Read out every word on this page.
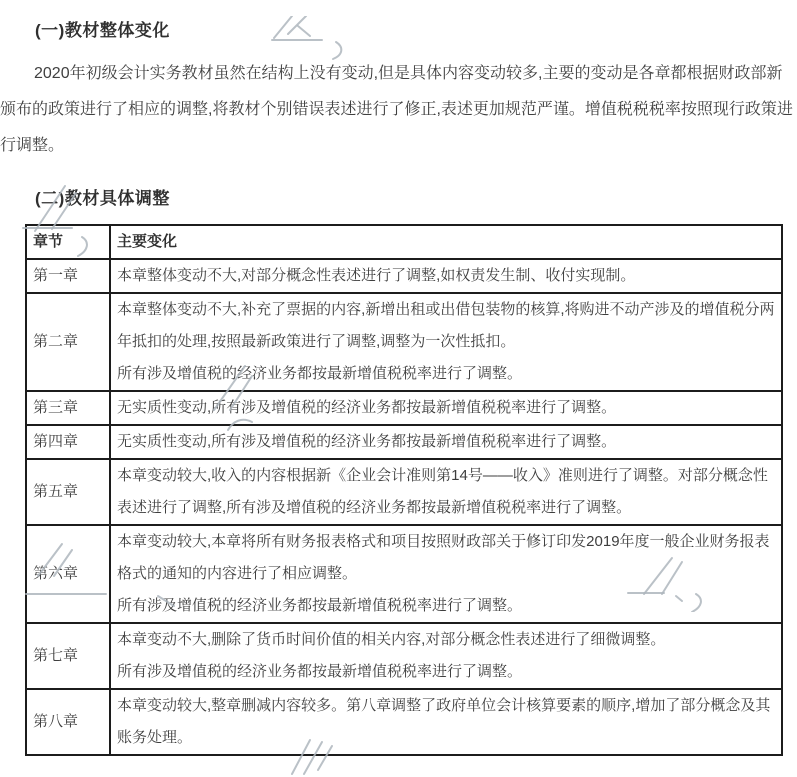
(一)教材整体变化
2020年初级会计实务教材虽然在结构上没有变动,但是具体内容变动较多,主要的变动是各章都根据财政部新颁布的政策进行了相应的调整,将教材个别错误表述进行了修正,表述更加规范严谨。增值税税税率按照现行政策进行调整。
(二)教材具体调整
章节	主要变化
第一章	本章整体变动不大,对部分概念性表述进行了调整,如权责发生制、收付实现制。

第二章	本章整体变动不大,补充了票据的内容,新增出租或出借包装物的核算,将购进不动产涉及的增值税分两年抵扣的处理,按照最新政策进行了调整,调整为一次性抵扣。
所有涉及增值税的经济业务都按最新增值税税率进行了调整。

第三章	无实质性变动,所有涉及增值税的经济业务都按最新增值税税率进行了调整。

第四章	无实质性变动,所有涉及增值税的经济业务都按最新增值税税率进行了调整。

第五章	本章变动较大,收入的内容根据新《企业会计准则第14号——收入》准则进行了调整。对部分概念性表述进行了调整,所有涉及增值税的经济业务都按最新增值税税率进行了调整。

第六章	本章变动较大,本章将所有财务报表格式和项目按照财政部关于修订印发2019年度一般企业财务报表格式的通知的内容进行了相应调整。
所有涉及增值税的经济业务都按最新增值税税率进行了调整。

第七章	本章变动不大,删除了货币时间价值的相关内容,对部分概念性表述进行了细微调整。
所有涉及增值税的经济业务都按最新增值税税率进行了调整。

第八章	本章变动较大,整章删减内容较多。第八章调整了政府单位会计核算要素的顺序,增加了部分概念及其账务处理。
